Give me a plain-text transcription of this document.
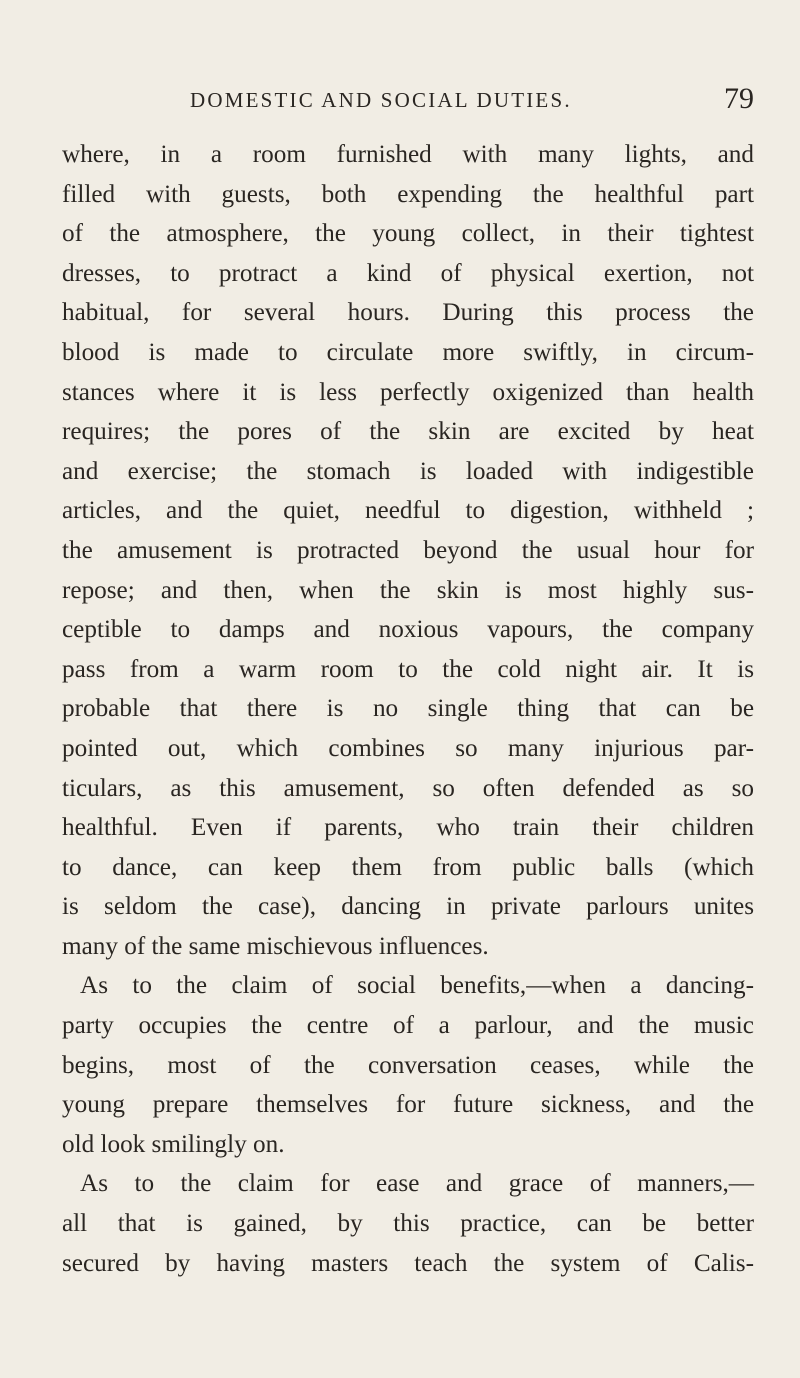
DOMESTIC AND SOCIAL DUTIES.	79
where, in a room furnished with many lights, and
filled with guests, both expending the healthful part
of the atmosphere, the young collect, in their tightest
dresses, to protract a kind of physical exertion, not
habitual, for several hours. During this process the
blood is made to circulate more swiftly, in circum-
stances where it is less perfectly oxigenized than health
requires; the pores of the skin are excited by heat
and exercise; the stomach is loaded with indigestible
articles, and the quiet, needful to digestion, withheld ;
the amusement is protracted beyond the usual hour for
repose; and then, when the skin is most highly sus-
ceptible to damps and noxious vapours, the company
pass from a warm room to the cold night air. It is
probable that there is no single thing that can be
pointed out, which combines so many injurious par-
ticulars, as this amusement, so often defended as so
healthful. Even if parents, who train their children
to dance, can keep them from public balls (which
is seldom the case), dancing in private parlours unites
many of the same mischievous influences.
As to the claim of social benefits,—when a dancing-
party occupies the centre of a parlour, and the music
begins, most of the conversation ceases, while the
young prepare themselves for future sickness, and the
old look smilingly on.
As to the claim for ease and grace of manners,—
all that is gained, by this practice, can be better
secured by having masters teach the system of Calis-
